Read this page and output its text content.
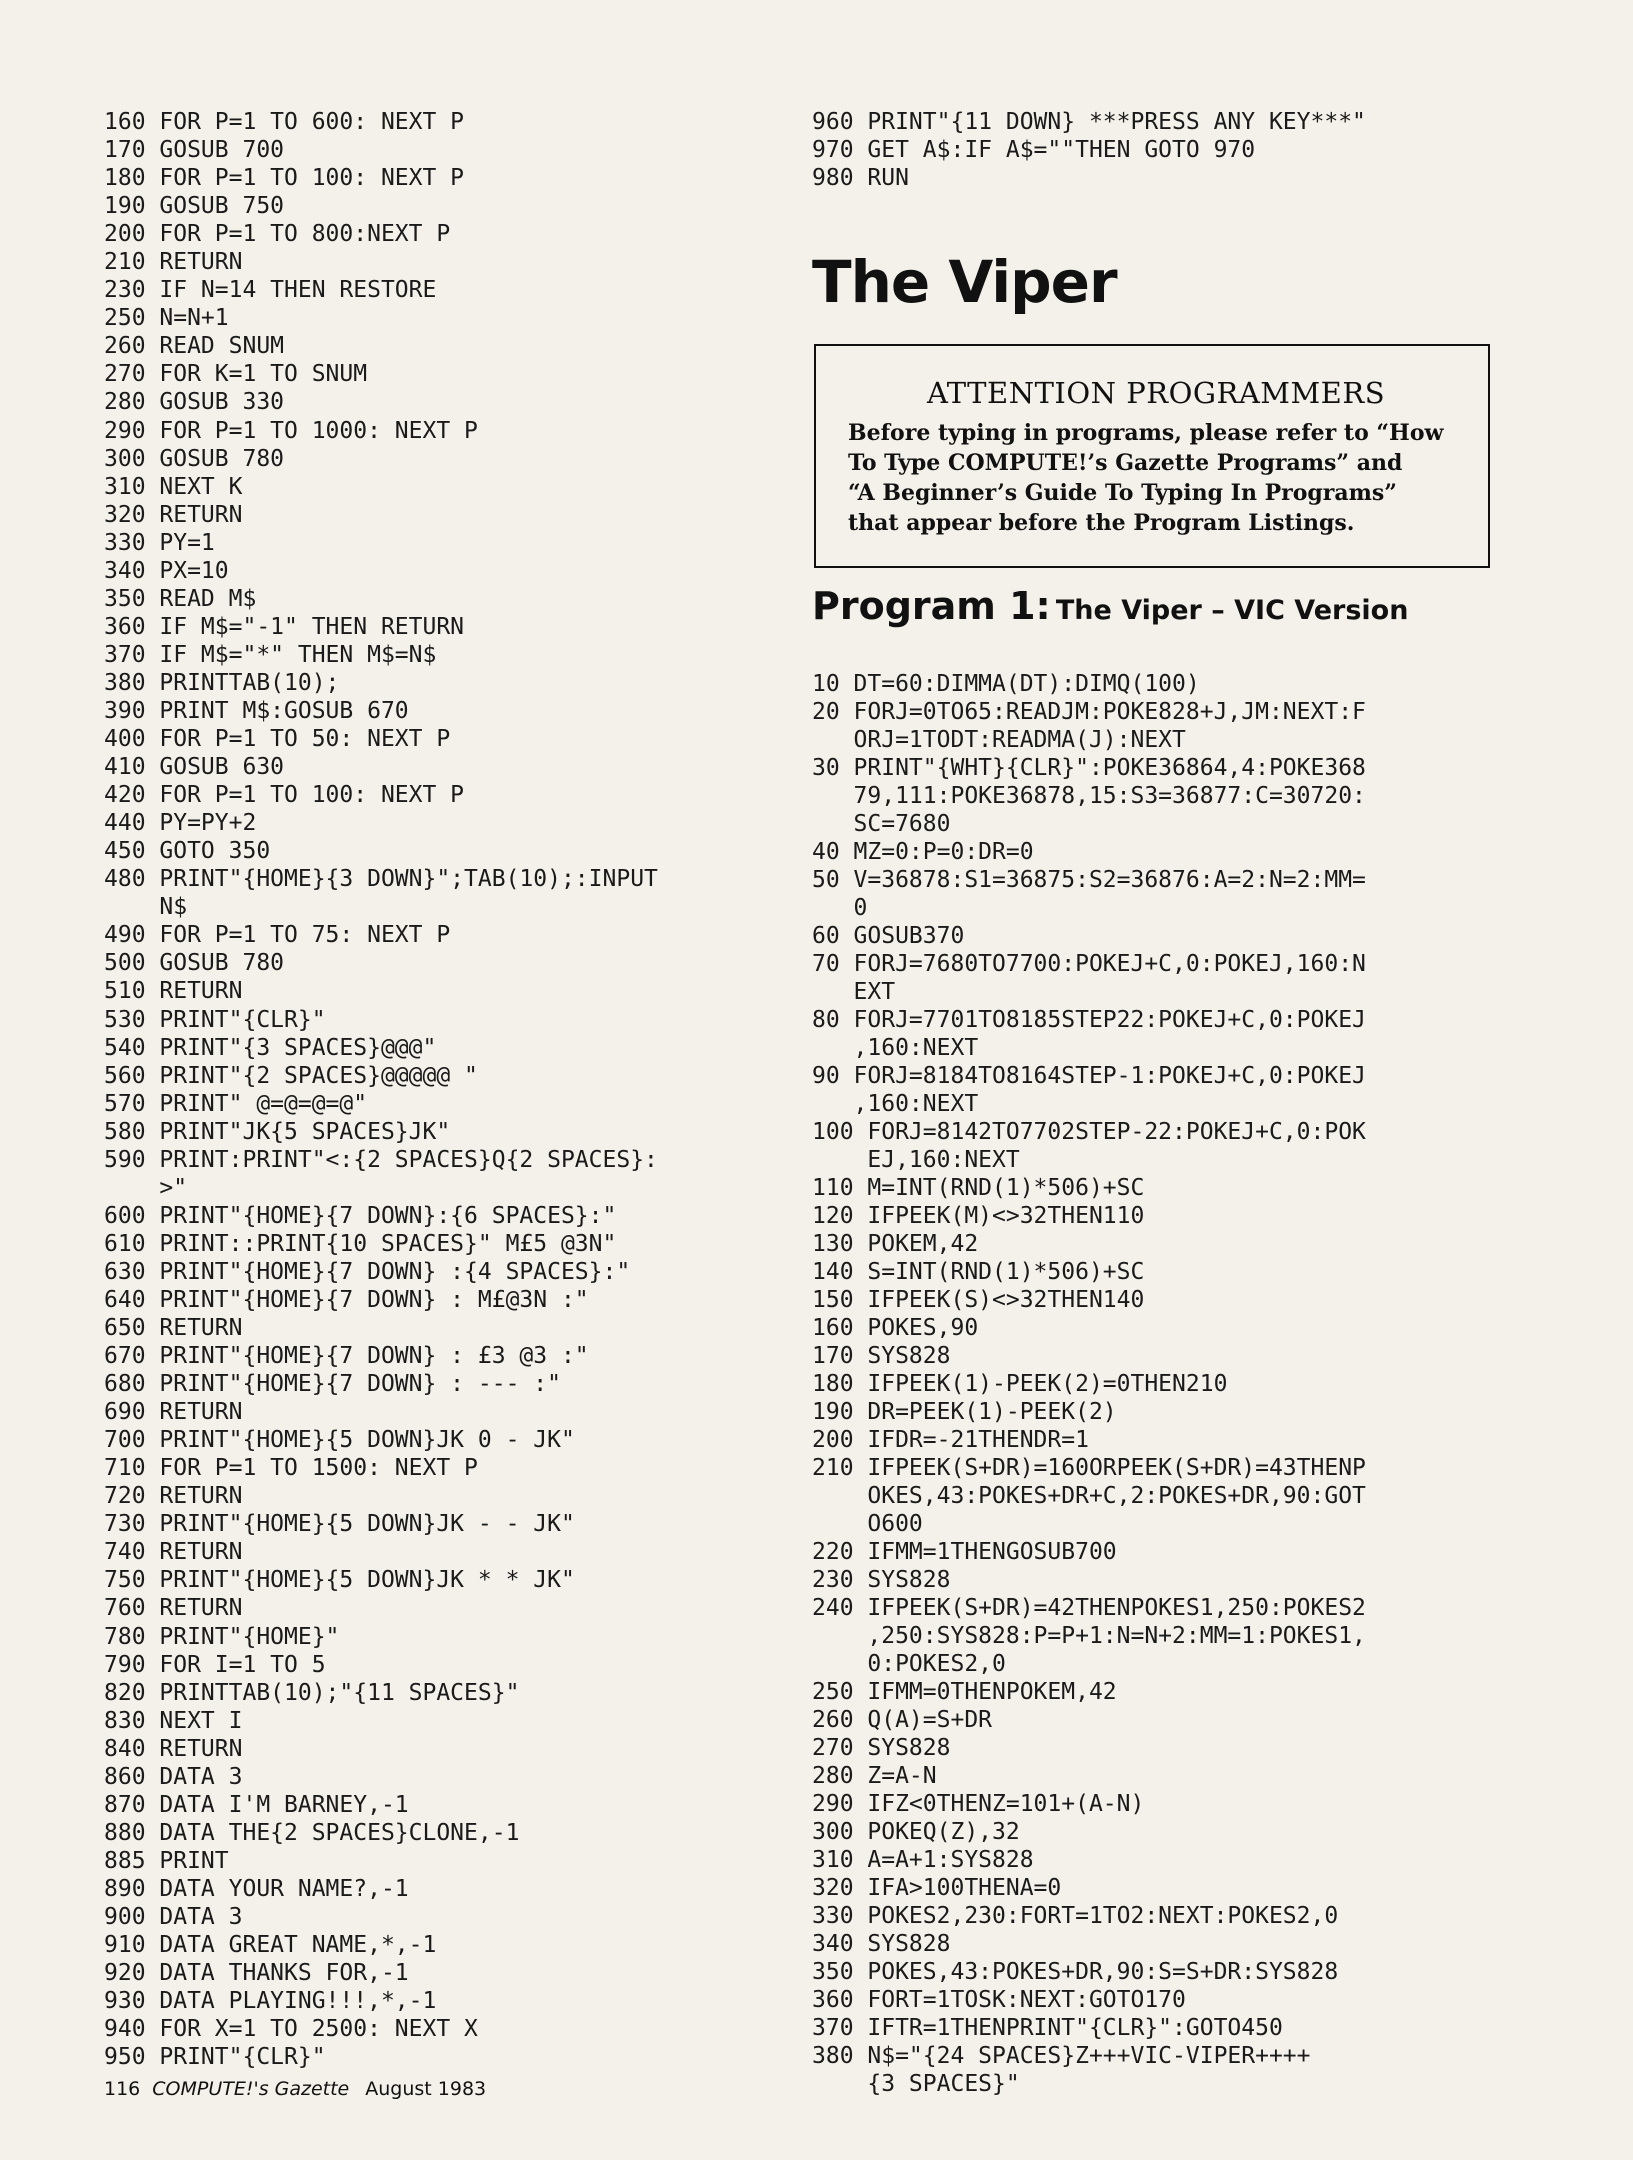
160 FOR P=1 TO 600: NEXT P
170 GOSUB 700
180 FOR P=1 TO 100: NEXT P
190 GOSUB 750
200 FOR P=1 TO 800:NEXT P
210 RETURN
230 IF N=14 THEN RESTORE
250 N=N+1
260 READ SNUM
270 FOR K=1 TO SNUM
280 GOSUB 330
290 FOR P=1 TO 1000: NEXT P
300 GOSUB 780
310 NEXT K
320 RETURN
330 PY=1
340 PX=10
350 READ M$
360 IF M$="-1" THEN RETURN
370 IF M$="*" THEN M$=N$
380 PRINTTAB(10);
390 PRINT M$:GOSUB 670
400 FOR P=1 TO 50: NEXT P
410 GOSUB 630
420 FOR P=1 TO 100: NEXT P
440 PY=PY+2
450 GOTO 350
480 PRINT"{HOME}{3 DOWN}";TAB(10);:INPUT
N$
490 FOR P=1 TO 75: NEXT P
500 GOSUB 780
510 RETURN
530 PRINT"{CLR}"
540 PRINT"{3 SPACES}@@@"
560 PRINT"{2 SPACES}@@@@@ "
570 PRINT" @=@=@=@"
580 PRINT"JK{5 SPACES}JK"
590 PRINT:PRINT"<:{2 SPACES}Q{2 SPACES}:
>"
600 PRINT"{HOME}{7 DOWN}:{6 SPACES}:"
610 PRINT::PRINT{10 SPACES}" M£5 @3N"
630 PRINT"{HOME}{7 DOWN} :{4 SPACES}:"
640 PRINT"{HOME}{7 DOWN} : M£@3N :"
650 RETURN
670 PRINT"{HOME}{7 DOWN} : £3 @3 :"
680 PRINT"{HOME}{7 DOWN} : --- :"
690 RETURN
700 PRINT"{HOME}{5 DOWN}JK 0 - JK"
710 FOR P=1 TO 1500: NEXT P
720 RETURN
730 PRINT"{HOME}{5 DOWN}JK - - JK"
740 RETURN
750 PRINT"{HOME}{5 DOWN}JK * * JK"
760 RETURN
780 PRINT"{HOME}"
790 FOR I=1 TO 5
820 PRINTTAB(10);"{11 SPACES}"
830 NEXT I
840 RETURN
860 DATA 3
870 DATA I'M BARNEY,-1
880 DATA THE{2 SPACES}CLONE,-1
885 PRINT
890 DATA YOUR NAME?,-1
900 DATA 3
910 DATA GREAT NAME,*,-1
920 DATA THANKS FOR,-1
930 DATA PLAYING!!!,*,-1
940 FOR X=1 TO 2500: NEXT X
950 PRINT"{CLR}"
960 PRINT"{11 DOWN} ***PRESS ANY KEY***"
970 GET A$:IF A$=""THEN GOTO 970
980 RUN
The Viper
ATTENTION PROGRAMMERS

Before typing in programs, please refer to “How
To Type COMPUTE!’s Gazette Programs” and
“A Beginner’s Guide To Typing In Programs”
that appear before the Program Listings.

Program 1: The Viper – VIC Version
10 DT=60:DIMMA(DT):DIMQ(100)
20 FORJ=0TO65:READJM:POKE828+J,JM:NEXT:F
ORJ=1TODT:READMA(J):NEXT
30 PRINT"{WHT}{CLR}":POKE36864,4:POKE368
79,111:POKE36878,15:S3=36877:C=30720:
SC=7680
40 MZ=0:P=0:DR=0
50 V=36878:S1=36875:S2=36876:A=2:N=2:MM=
0
60 GOSUB370
70 FORJ=7680TO7700:POKEJ+C,0:POKEJ,160:N
EXT
80 FORJ=7701TO8185STEP22:POKEJ+C,0:POKEJ
,160:NEXT
90 FORJ=8184TO8164STEP-1:POKEJ+C,0:POKEJ
,160:NEXT
100 FORJ=8142TO7702STEP-22:POKEJ+C,0:POK
EJ,160:NEXT
110 M=INT(RND(1)*506)+SC
120 IFPEEK(M)<>32THEN110
130 POKEM,42
140 S=INT(RND(1)*506)+SC
150 IFPEEK(S)<>32THEN140
160 POKES,90
170 SYS828
180 IFPEEK(1)-PEEK(2)=0THEN210
190 DR=PEEK(1)-PEEK(2)
200 IFDR=-21THENDR=1
210 IFPEEK(S+DR)=160ORPEEK(S+DR)=43THENP
OKES,43:POKES+DR+C,2:POKES+DR,90:GOT
O600
220 IFMM=1THENGOSUB700
230 SYS828
240 IFPEEK(S+DR)=42THENPOKES1,250:POKES2
,250:SYS828:P=P+1:N=N+2:MM=1:POKES1,
0:POKES2,0
250 IFMM=0THENPOKEM,42
260 Q(A)=S+DR
270 SYS828
280 Z=A-N
290 IFZ<0THENZ=101+(A-N)
300 POKEQ(Z),32
310 A=A+1:SYS828
320 IFA>100THENA=0
330 POKES2,230:FORT=1TO2:NEXT:POKES2,0
340 SYS828
350 POKES,43:POKES+DR,90:S=S+DR:SYS828
360 FORT=1TOSK:NEXT:GOTO170
370 IFTR=1THENPRINT"{CLR}":GOTO450
380 N$="{24 SPACES}Z+++VIC-VIPER++++
{3 SPACES}"
116 COMPUTE!'s Gazette August 1983
